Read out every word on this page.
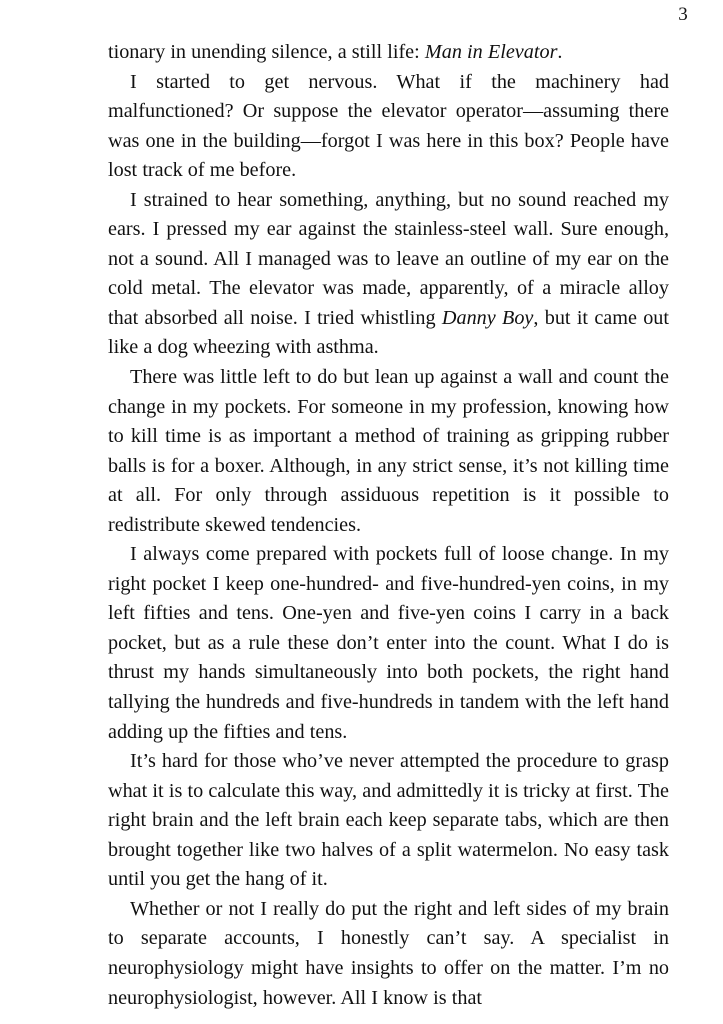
3

tionary in unending silence, a still life: Man in Elevator.

I started to get nervous. What if the machinery had malfunctioned? Or suppose the elevator operator—assuming there was one in the building—forgot I was here in this box? People have lost track of me before.

I strained to hear something, anything, but no sound reached my ears. I pressed my ear against the stainless-steel wall. Sure enough, not a sound. All I managed was to leave an outline of my ear on the cold metal. The elevator was made, apparently, of a miracle alloy that absorbed all noise. I tried whistling Danny Boy, but it came out like a dog wheezing with asthma.

There was little left to do but lean up against a wall and count the change in my pockets. For someone in my profession, knowing how to kill time is as important a method of training as gripping rubber balls is for a boxer. Although, in any strict sense, it’s not killing time at all. For only through assiduous repetition is it possible to redistribute skewed tendencies.

I always come prepared with pockets full of loose change. In my right pocket I keep one-hundred- and five-hundred-yen coins, in my left fifties and tens. One-yen and five-yen coins I carry in a back pocket, but as a rule these don’t enter into the count. What I do is thrust my hands simultaneously into both pockets, the right hand tallying the hundreds and five-hundreds in tandem with the left hand adding up the fifties and tens.

It’s hard for those who’ve never attempted the procedure to grasp what it is to calculate this way, and admittedly it is tricky at first. The right brain and the left brain each keep separate tabs, which are then brought together like two halves of a split watermelon. No easy task until you get the hang of it.

Whether or not I really do put the right and left sides of my brain to separate accounts, I honestly can’t say. A specialist in neurophysiology might have insights to offer on the matter. I’m no neurophysiologist, however. All I know is that
